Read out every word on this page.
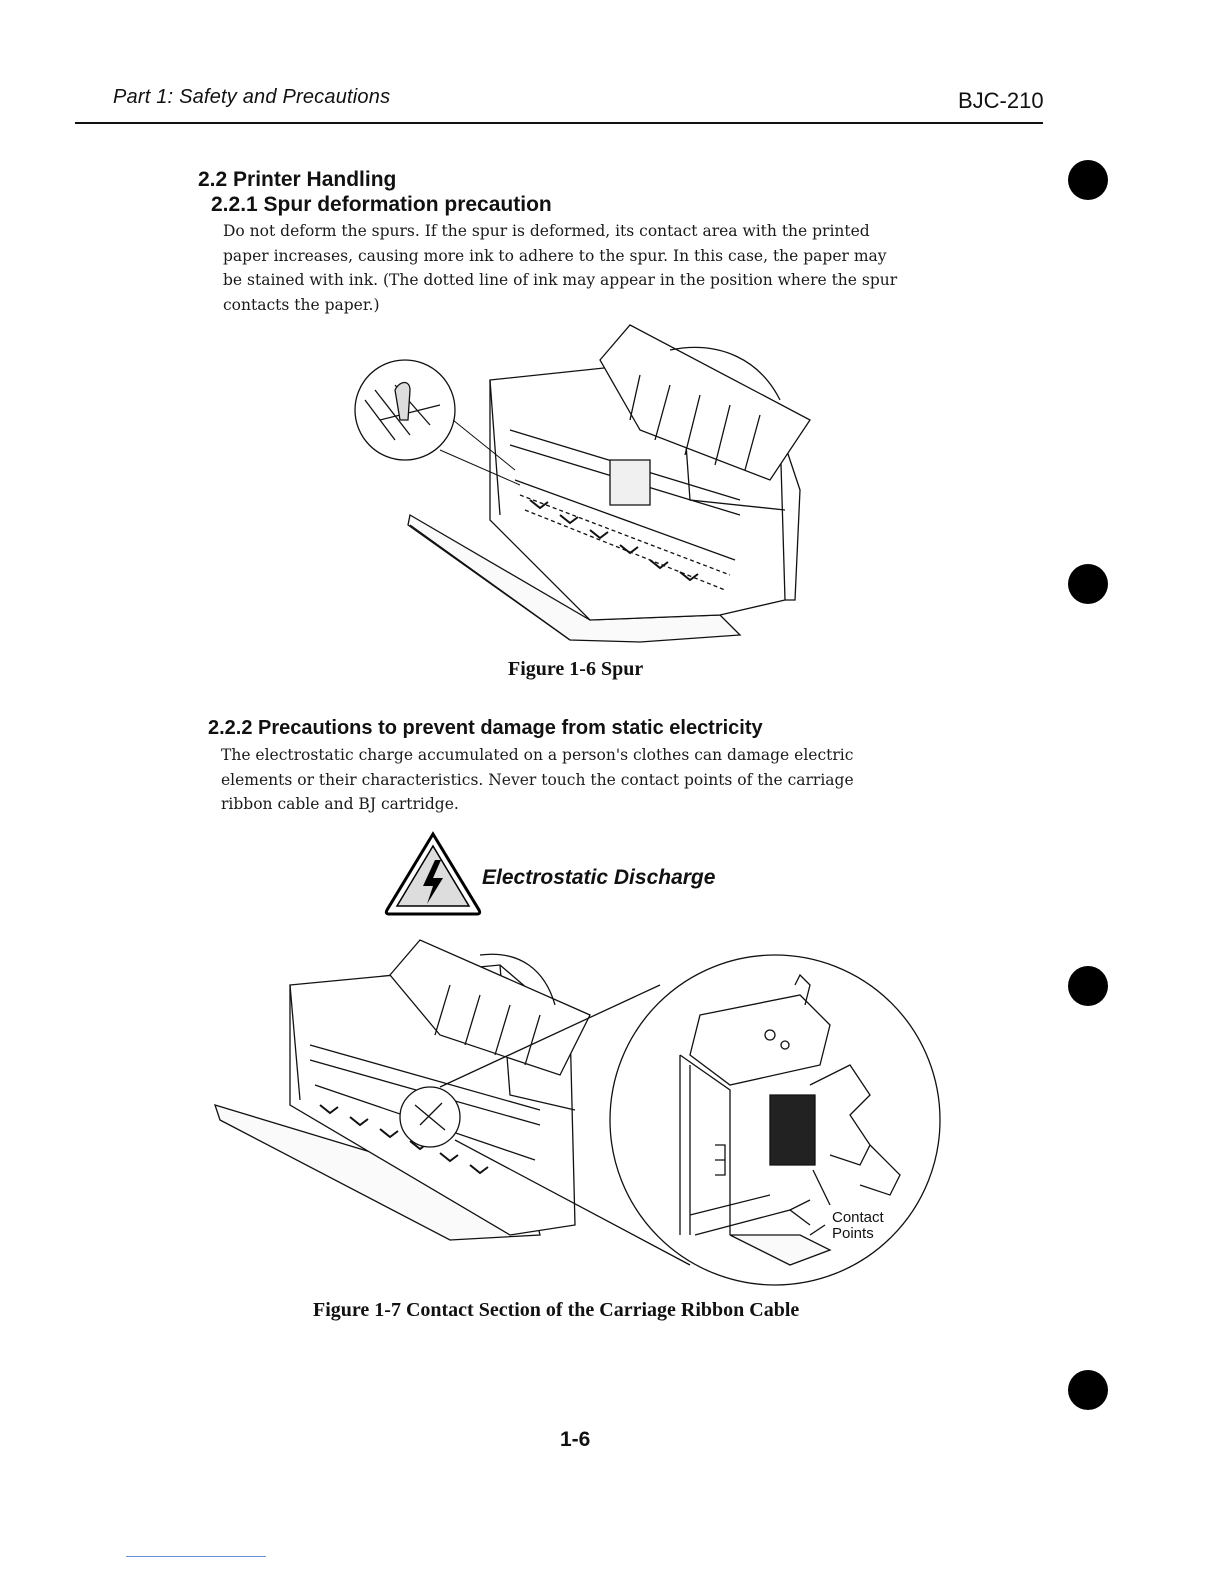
Part 1: Safety and Precautions	BJC-210
2.2 Printer Handling
2.2.1 Spur deformation precaution
Do not deform the spurs. If the spur is deformed, its contact area with the printed
paper increases, causing more ink to adhere to the spur. In this case, the paper may
be stained with ink. (The dotted line of ink may appear in the position where the spur
contacts the paper.)
Figure 1-6 Spur
2.2.2 Precautions to prevent damage from static electricity
The electrostatic charge accumulated on a person's clothes can damage electric
elements or their characteristics. Never touch the contact points of the carriage
ribbon cable and BJ cartridge.
Electrostatic Discharge
Contact
Points
Figure 1-7 Contact Section of the Carriage Ribbon Cable
1-6
